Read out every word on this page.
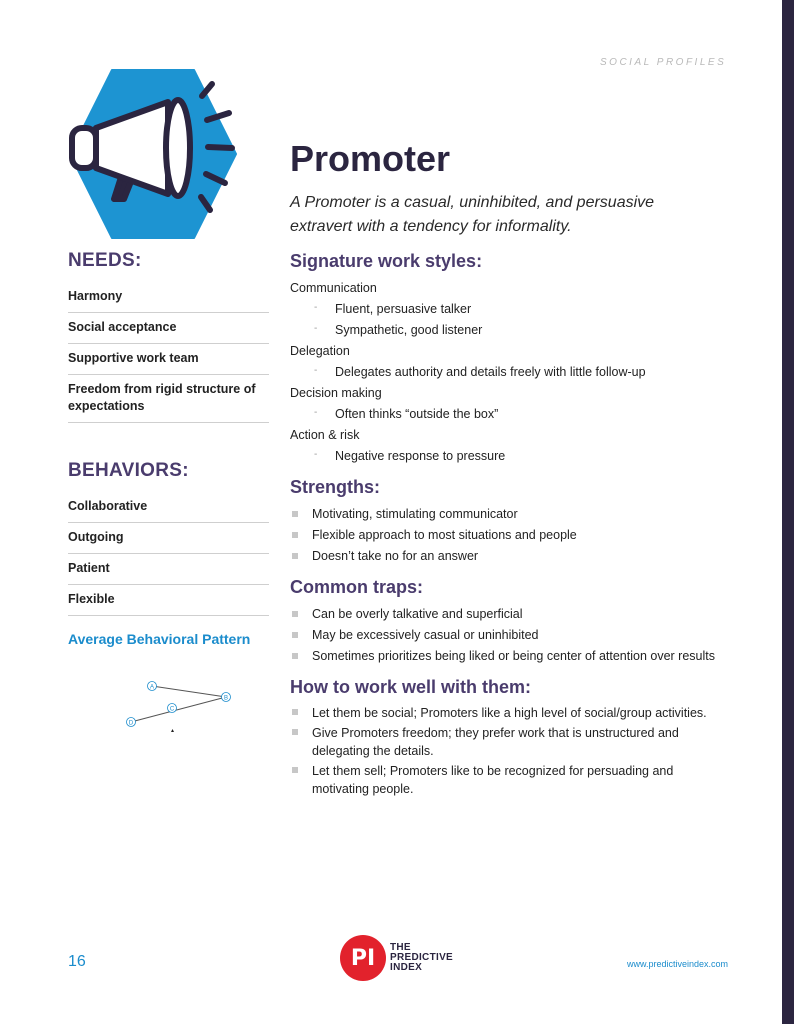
SOCIAL PROFILES
Promoter

A Promoter is a casual, uninhibited, and persuasive extravert with a tendency for informality.

NEEDS:
Harmony
Social acceptance
Supportive work team
Freedom from rigid structure of expectations
BEHAVIORS:
Collaborative
Outgoing
Patient
Flexible
Average Behavioral Pattern
A
B
C
D
Signature work styles:

Communication

- Fluent, persuasive talker
- Sympathetic, good listener

Delegation

- Delegates authority and details freely with little follow-up

Decision making

- Often thinks “outside the box”

Action & risk

- Negative response to pressure
Strengths:
Motivating, stimulating communicator
Flexible approach to most situations and people
Doesn’t take no for an answer
Common traps:
Can be overly talkative and superficial
May be excessively casual or uninhibited
Sometimes prioritizes being liked or being center of attention over results
How to work well with them:
Let them be social; Promoters like a high level of social/group activities.
Give Promoters freedom; they prefer work that is unstructured and delegating the details.
Let them sell; Promoters like to be recognized for persuading and motivating people.
16	PI	THE
PREDICTIVE
INDEX	www.predictiveindex.com
